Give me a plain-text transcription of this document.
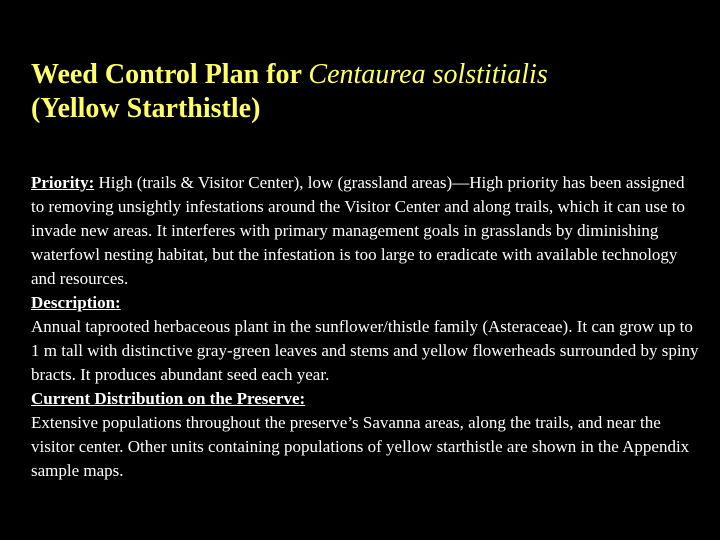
Weed Control Plan for Centaurea solstitialis
(Yellow Starthistle)

Priority: High (trails & Visitor Center), low (grassland areas)—High priority has been assigned to removing unsightly infestations around the Visitor Center and along trails, which it can use to invade new areas. It interferes with primary management goals in grasslands by diminishing waterfowl nesting habitat, but the infestation is too large to eradicate with available technology and resources.

Description:

Annual taprooted herbaceous plant in the sunflower/thistle family (Asteraceae). It can grow up to 1 m tall with distinctive gray-green leaves and stems and yellow flowerheads surrounded by spiny bracts. It produces abundant seed each year.

Current Distribution on the Preserve:

Extensive populations throughout the preserve’s Savanna areas, along the trails, and near the visitor center. Other units containing populations of yellow starthistle are shown in the Appendix sample maps.
